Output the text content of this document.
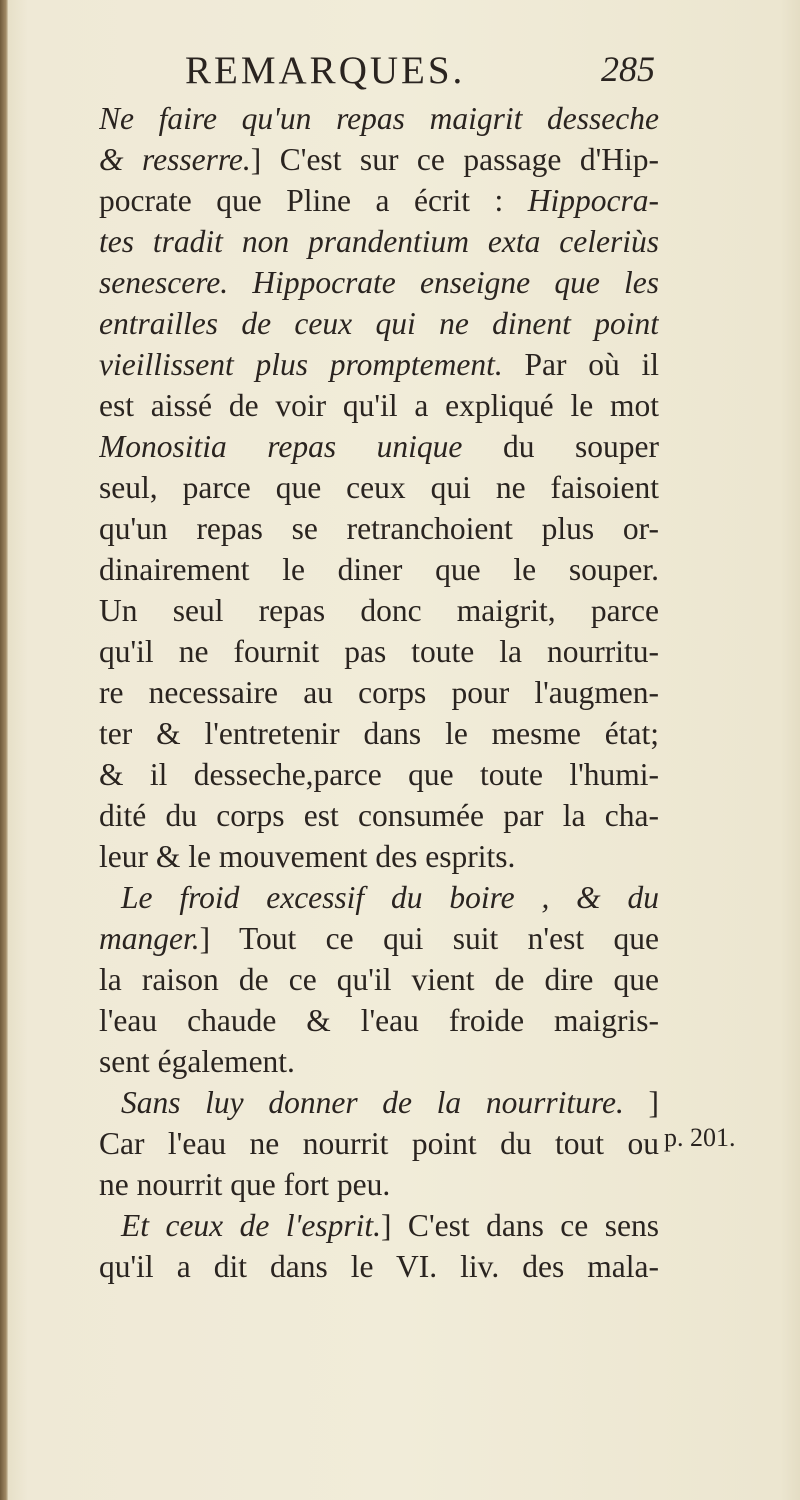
REMARQUES.	285
Ne faire qu'un repas maigrit desseche
& resserre.] C'est sur ce passage d'Hip-
pocrate que Pline a écrit : Hippocra-
tes tradit non prandentium exta celeriùs
senescere. Hippocrate enseigne que les
entrailles de ceux qui ne dinent point
vieillissent plus promptement. Par où il
est aissé de voir qu'il a expliqué le mot
Monositia repas unique du souper
seul, parce que ceux qui ne faisoient
qu'un repas se retranchoient plus or-
dinairement le diner que le souper.
Un seul repas donc maigrit, parce
qu'il ne fournit pas toute la nourritu-
re necessaire au corps pour l'augmen-
ter & l'entretenir dans le mesme état;
& il desseche,parce que toute l'humi-
dité du corps est consumée par la cha-
leur & le mouvement des esprits.
Le froid excessif du boire , & du
manger.] Tout ce qui suit n'est que
la raison de ce qu'il vient de dire que
l'eau chaude & l'eau froide maigris-
sent également.
Sans luy donner de la nourriture. ]
Car l'eau ne nourrit point du tout ou
ne nourrit que fort peu.
Et ceux de l'esprit.] C'est dans ce sens
qu'il a dit dans le VI. liv. des mala-
p. 201.
